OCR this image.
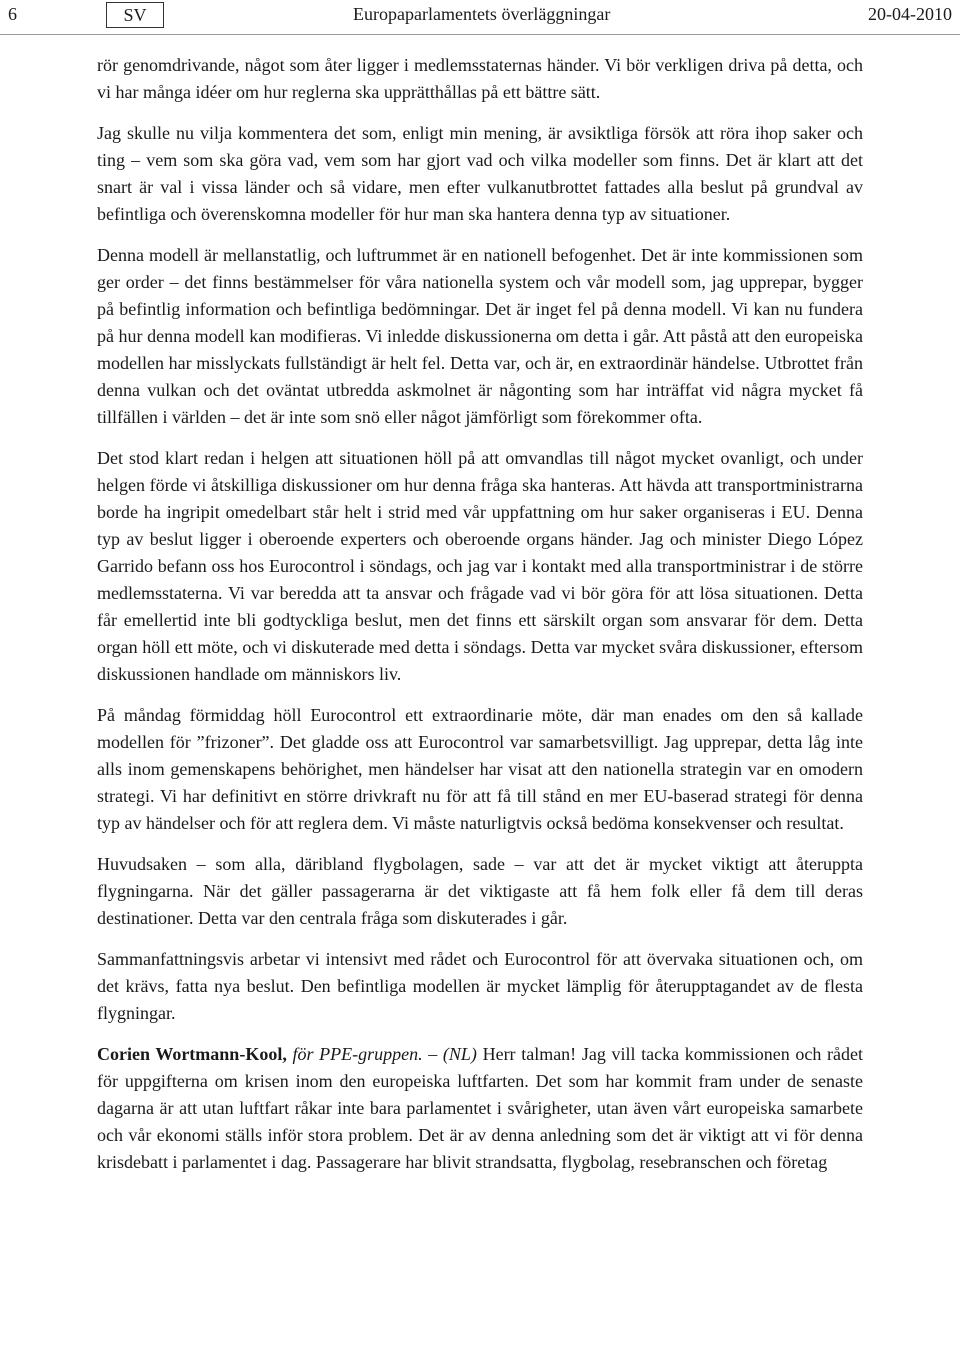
6	SV	Europaparlamentets överläggningar	20-04-2010

rör genomdrivande, något som åter ligger i medlemsstaternas händer. Vi bör verkligen driva på detta, och vi har många idéer om hur reglerna ska upprätthållas på ett bättre sätt.

Jag skulle nu vilja kommentera det som, enligt min mening, är avsiktliga försök att röra ihop saker och ting – vem som ska göra vad, vem som har gjort vad och vilka modeller som finns. Det är klart att det snart är val i vissa länder och så vidare, men efter vulkanutbrottet fattades alla beslut på grundval av befintliga och överenskomna modeller för hur man ska hantera denna typ av situationer.

Denna modell är mellanstatlig, och luftrummet är en nationell befogenhet. Det är inte kommissionen som ger order – det finns bestämmelser för våra nationella system och vår modell som, jag upprepar, bygger på befintlig information och befintliga bedömningar. Det är inget fel på denna modell. Vi kan nu fundera på hur denna modell kan modifieras. Vi inledde diskussionerna om detta i går. Att påstå att den europeiska modellen har misslyckats fullständigt är helt fel. Detta var, och är, en extraordinär händelse. Utbrottet från denna vulkan och det oväntat utbredda askmolnet är någonting som har inträffat vid några mycket få tillfällen i världen – det är inte som snö eller något jämförligt som förekommer ofta.

Det stod klart redan i helgen att situationen höll på att omvandlas till något mycket ovanligt, och under helgen förde vi åtskilliga diskussioner om hur denna fråga ska hanteras. Att hävda att transportministrarna borde ha ingripit omedelbart står helt i strid med vår uppfattning om hur saker organiseras i EU. Denna typ av beslut ligger i oberoende experters och oberoende organs händer. Jag och minister Diego López Garrido befann oss hos Eurocontrol i söndags, och jag var i kontakt med alla transportministrar i de större medlemsstaterna. Vi var beredda att ta ansvar och frågade vad vi bör göra för att lösa situationen. Detta får emellertid inte bli godtyckliga beslut, men det finns ett särskilt organ som ansvarar för dem. Detta organ höll ett möte, och vi diskuterade med detta i söndags. Detta var mycket svåra diskussioner, eftersom diskussionen handlade om människors liv.

På måndag förmiddag höll Eurocontrol ett extraordinarie möte, där man enades om den så kallade modellen för ”frizoner”. Det gladde oss att Eurocontrol var samarbetsvilligt. Jag upprepar, detta låg inte alls inom gemenskapens behörighet, men händelser har visat att den nationella strategin var en omodern strategi. Vi har definitivt en större drivkraft nu för att få till stånd en mer EU-baserad strategi för denna typ av händelser och för att reglera dem. Vi måste naturligtvis också bedöma konsekvenser och resultat.

Huvudsaken – som alla, däribland flygbolagen, sade – var att det är mycket viktigt att återuppta flygningarna. När det gäller passagerarna är det viktigaste att få hem folk eller få dem till deras destinationer. Detta var den centrala fråga som diskuterades i går.

Sammanfattningsvis arbetar vi intensivt med rådet och Eurocontrol för att övervaka situationen och, om det krävs, fatta nya beslut. Den befintliga modellen är mycket lämplig för återupptagandet av de flesta flygningar.

Corien Wortmann-Kool, för PPE-gruppen. – (NL) Herr talman! Jag vill tacka kommissionen och rådet för uppgifterna om krisen inom den europeiska luftfarten. Det som har kommit fram under de senaste dagarna är att utan luftfart råkar inte bara parlamentet i svårigheter, utan även vårt europeiska samarbete och vår ekonomi ställs inför stora problem. Det är av denna anledning som det är viktigt att vi för denna krisdebatt i parlamentet i dag. Passagerare har blivit strandsatta, flygbolag, resebranschen och företag
